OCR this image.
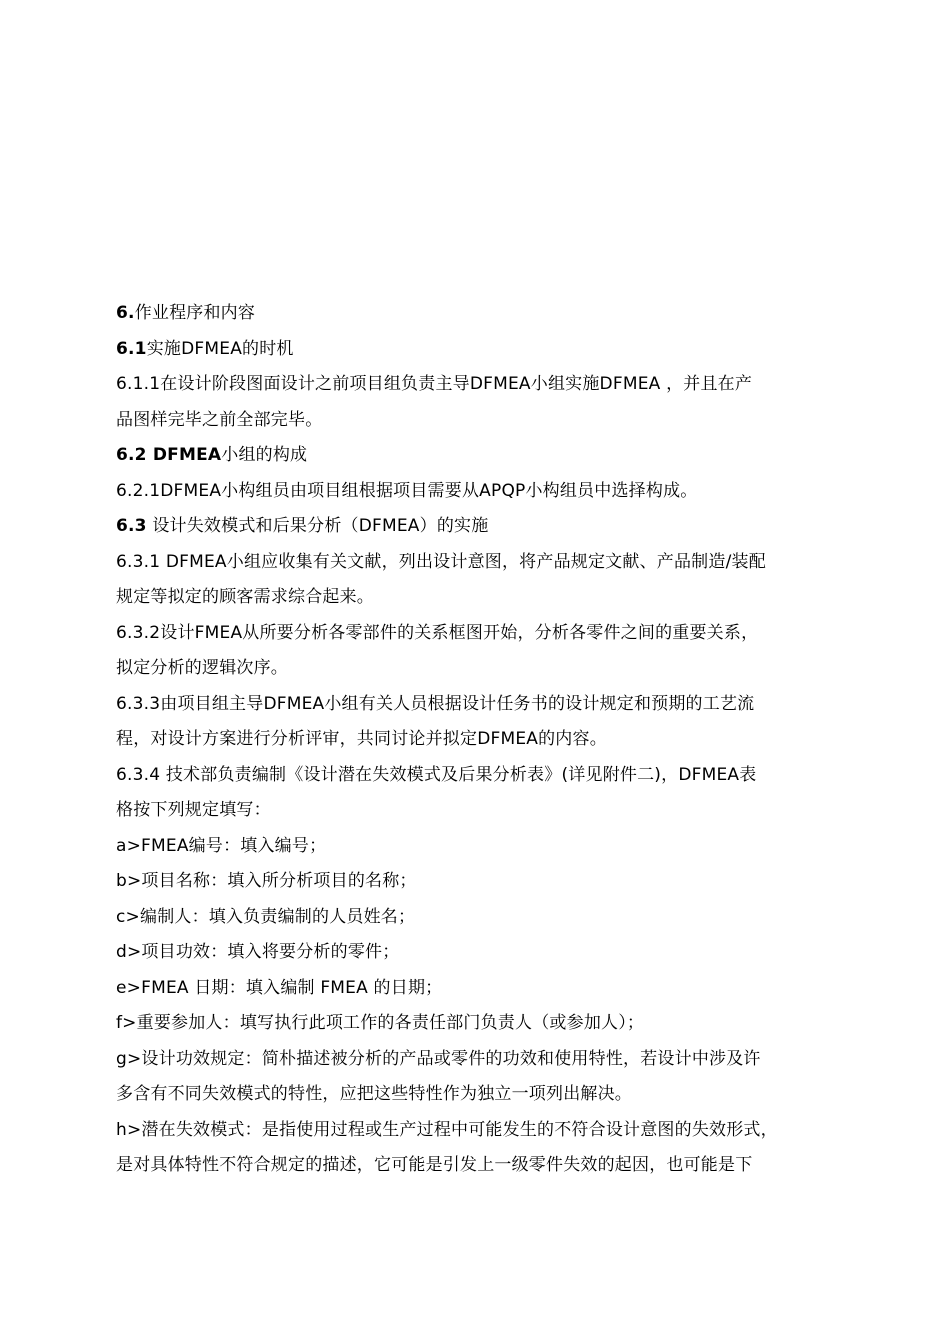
6.作业程序和内容
6.1实施DFMEA的时机
6.1.1在设计阶段图面设计之前项目组负责主导DFMEA小组实施DFMEA ，并且在产
品图样完毕之前全部完毕。
6.2 DFMEA小组的构成
6.2.1DFMEA小构组员由项目组根据项目需要从APQP小构组员中选择构成。
6.3 设计失效模式和后果分析（DFMEA）的实施
6.3.1 DFMEA小组应收集有关文献，列出设计意图，将产品规定文献、产品制造/装配
规定等拟定的顾客需求综合起来。
6.3.2设计FMEA从所要分析各零部件的关系框图开始，分析各零件之间的重要关系，
拟定分析的逻辑次序。
6.3.3由项目组主导DFMEA小组有关人员根据设计任务书的设计规定和预期的工艺流
程，对设计方案进行分析评审，共同讨论并拟定DFMEA的内容。
6.3.4 技术部负责编制《设计潜在失效模式及后果分析表》(详见附件二)，DFMEA表
格按下列规定填写：
a>FMEA编号：填入编号；
b>项目名称：填入所分析项目的名称；
c>编制人：填入负责编制的人员姓名；
d>项目功效：填入将要分析的零件；
e>FMEA 日期：填入编制 FMEA 的日期；
f>重要参加人：填写执行此项工作的各责任部门负责人（或参加人）；
g>设计功效规定：简朴描述被分析的产品或零件的功效和使用特性，若设计中涉及许
多含有不同失效模式的特性，应把这些特性作为独立一项列出解决。
h>潜在失效模式：是指使用过程或生产过程中可能发生的不符合设计意图的失效形式，
是对具体特性不符合规定的描述，它可能是引发上一级零件失效的起因，也可能是下
